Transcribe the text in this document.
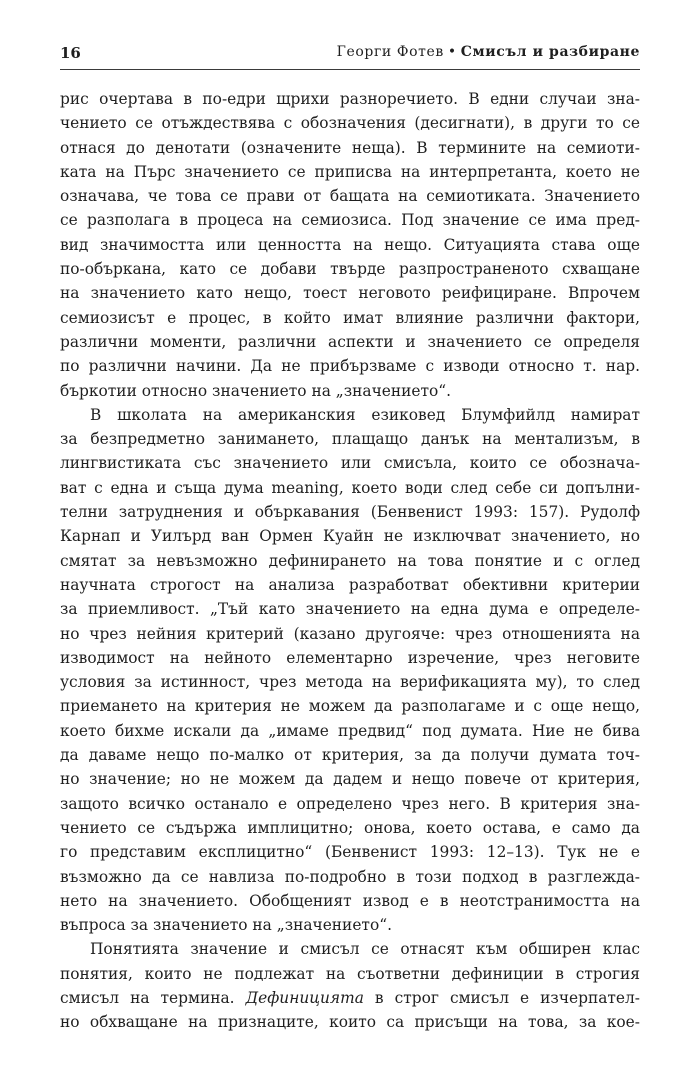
16	Георги Фотев • Смисъл и разбиране
рис очертава в по-едри щрихи разноречието. В едни случаи зна-
чението се отъждествява с обозначения (десигнати), в други то се
отнася до денотати (означените неща). В термините на семиоти-
ката на Пърс значението се приписва на интерпретанта, което не
означава, че това се прави от бащата на семиотиката. Значението
се разполага в процеса на семиозиса. Под значение се има пред-
вид значимостта или ценността на нещо. Ситуацията става още
по-объркана, като се добави твърде разпространеното схващане
на значението като нещо, тоест неговото реифициране. Впрочем
семиозисът е процес, в който имат влияние различни фактори,
различни моменти, различни аспекти и значението се определя
по различни начини. Да не прибързваме с изводи относно т. нар.
бъркотии относно значението на „значението“.
В школата на американския езиковед Блумфийлд намират
за безпредметно занимането, плащащо данък на ментализъм, в
лингвистиката със значението или смисъла, които се обознача-
ват с една и съща дума meaning, което води след себе си допълни-
телни затруднения и объркавания (Бенвенист 1993: 157). Рудолф
Карнап и Уилърд ван Ормен Куайн не изключват значението, но
смятат за невъзможно дефинирането на това понятие и с оглед
научната строгост на анализа разработват обективни критерии
за приемливост. „Тъй като значението на една дума е определе-
но чрез нейния критерий (казано другояче: чрез отношенията на
изводимост на нейното елементарно изречение, чрез неговите
условия за истинност, чрез метода на верификацията му), то след
приемането на критерия не можем да разполагаме и с още нещо,
което бихме искали да „имаме предвид“ под думата. Ние не бива
да даваме нещо по-малко от критерия, за да получи думата точ-
но значение; но не можем да дадем и нещо повече от критерия,
защото всичко останало е определено чрез него. В критерия зна-
чението се съдържа имплицитно; онова, което остава, е само да
го представим експлицитно“ (Бенвенист 1993: 12–13). Тук не е
възможно да се навлиза по-подробно в този подход в разглежда-
нето на значението. Обобщеният извод е в неотстранимостта на
въпроса за значението на „значението“.
Понятията значение и смисъл се отнасят към обширен клас
понятия, които не подлежат на съответни дефиниции в строгия
смисъл на термина. Дефиницията в строг смисъл е изчерпател-
но обхващане на признаците, които са присъщи на това, за кое-
